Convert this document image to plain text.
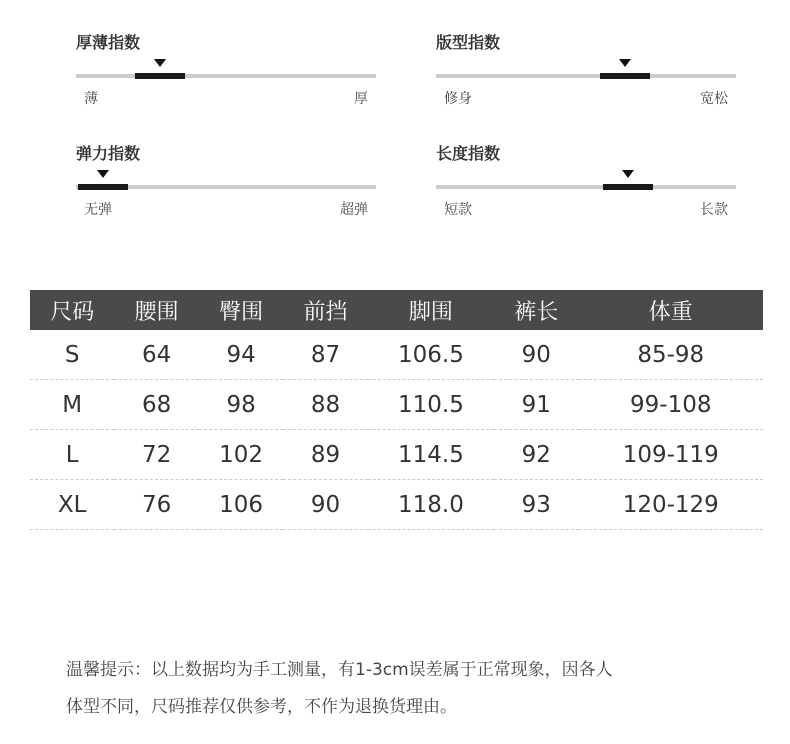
厚薄指数
薄	厚
版型指数
修身	宽松
弹力指数
无弹	超弹
长度指数
短款	长款
尺码	腰围	臀围	前挡	脚围	裤长	体重
S	64	94	87	106.5	90	85-98
M	68	98	88	110.5	91	99-108
L	72	102	89	114.5	92	109-119
XL	76	106	90	118.0	93	120-129
温馨提示：以上数据均为手工测量，有1-3cm误差属于正常现象，因各人
体型不同，尺码推荐仅供参考，不作为退换货理由。
